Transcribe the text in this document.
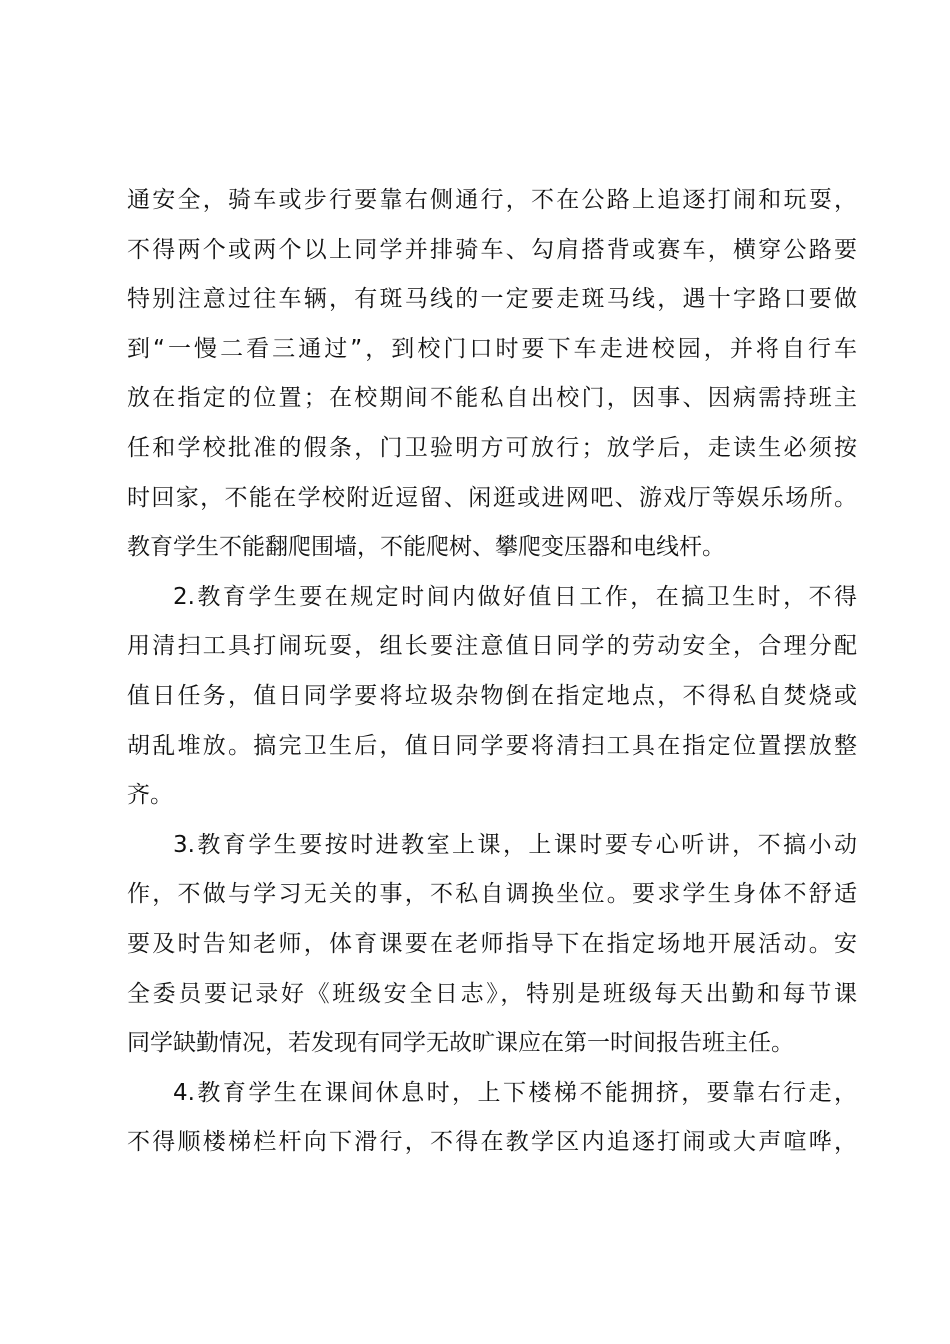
通安全，骑车或步行要靠右侧通行，不在公路上追逐打闹和玩耍，
不得两个或两个以上同学并排骑车、勾肩搭背或赛车，横穿公路要
特别注意过往车辆，有斑马线的一定要走斑马线，遇十字路口要做
到“一慢二看三通过”，到校门口时要下车走进校园，并将自行车
放在指定的位置；在校期间不能私自出校门，因事、因病需持班主
任和学校批准的假条，门卫验明方可放行；放学后，走读生必须按
时回家，不能在学校附近逗留、闲逛或进网吧、游戏厅等娱乐场所。
教育学生不能翻爬围墙，不能爬树、攀爬变压器和电线杆。
2.教育学生要在规定时间内做好值日工作，在搞卫生时，不得
用清扫工具打闹玩耍，组长要注意值日同学的劳动安全，合理分配
值日任务，值日同学要将垃圾杂物倒在指定地点，不得私自焚烧或
胡乱堆放。搞完卫生后，值日同学要将清扫工具在指定位置摆放整
齐。
3.教育学生要按时进教室上课，上课时要专心听讲，不搞小动
作，不做与学习无关的事，不私自调换坐位。要求学生身体不舒适
要及时告知老师，体育课要在老师指导下在指定场地开展活动。安
全委员要记录好《班级安全日志》，特别是班级每天出勤和每节课
同学缺勤情况，若发现有同学无故旷课应在第一时间报告班主任。
4.教育学生在课间休息时，上下楼梯不能拥挤，要靠右行走，
不得顺楼梯栏杆向下滑行，不得在教学区内追逐打闹或大声喧哗，
